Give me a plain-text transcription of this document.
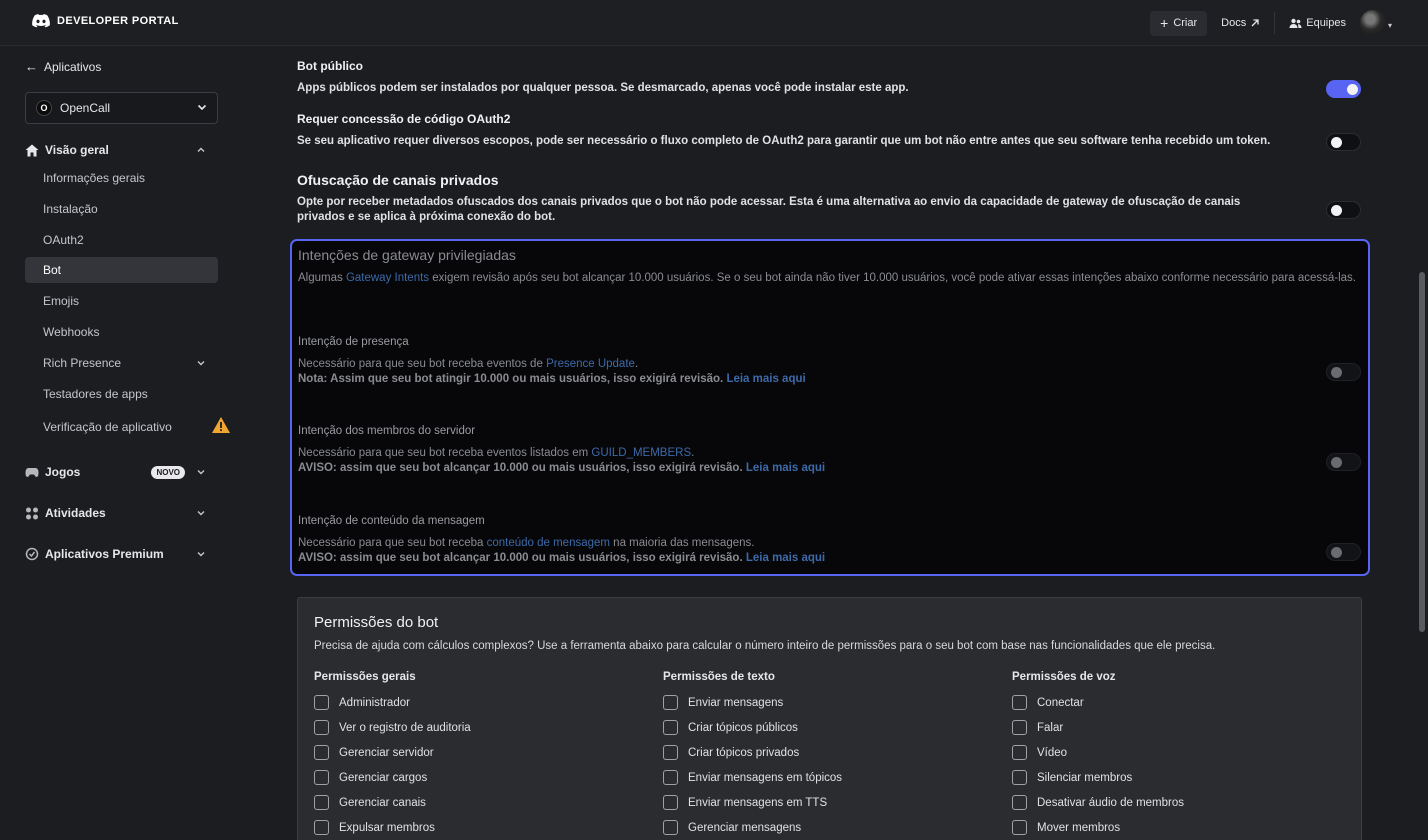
DEVELOPER PORTAL	+ Criar Docs	Equipes	▾
← Aplicativos
O	OpenCall
Visão geral
Informações gerais
Instalação
OAuth2
Bot
Emojis
Webhooks
Rich Presence
Testadores de apps
Verificação de aplicativo
Jogos	NOVO
Atividades
Aplicativos Premium
Bot público
Apps públicos podem ser instalados por qualquer pessoa. Se desmarcado, apenas você pode instalar este app.
Requer concessão de código OAuth2
Se seu aplicativo requer diversos escopos, pode ser necessário o fluxo completo de OAuth2 para garantir que um bot não entre antes que seu software tenha recebido um token.
Ofuscação de canais privados
Opte por receber metadados ofuscados dos canais privados que o bot não pode acessar. Esta é uma alternativa ao envio da capacidade de gateway de ofuscação de canais privados e se aplica à próxima conexão do bot.
Intenções de gateway privilegiadas
Algumas Gateway Intents exigem revisão após seu bot alcançar 10.000 usuários. Se o seu bot ainda não tiver 10.000 usuários, você pode ativar essas intenções abaixo conforme necessário para acessá-las.
Intenção de presença
Necessário para que seu bot receba eventos de Presence Update.
Nota: Assim que seu bot atingir 10.000 ou mais usuários, isso exigirá revisão. Leia mais aqui
Intenção dos membros do servidor
Necessário para que seu bot receba eventos listados em GUILD_MEMBERS.
AVISO: assim que seu bot alcançar 10.000 ou mais usuários, isso exigirá revisão. Leia mais aqui
Intenção de conteúdo da mensagem
Necessário para que seu bot receba conteúdo de mensagem na maioria das mensagens.
AVISO: assim que seu bot alcançar 10.000 ou mais usuários, isso exigirá revisão. Leia mais aqui
Permissões do bot
Precisa de ajuda com cálculos complexos? Use a ferramenta abaixo para calcular o número inteiro de permissões para o seu bot com base nas funcionalidades que ele precisa.
Permissões gerais
Administrador
Ver o registro de auditoria
Gerenciar servidor
Gerenciar cargos
Gerenciar canais
Expulsar membros
Permissões de texto
Enviar mensagens
Criar tópicos públicos
Criar tópicos privados
Enviar mensagens em tópicos
Enviar mensagens em TTS
Gerenciar mensagens
Permissões de voz
Conectar
Falar
Vídeo
Silenciar membros
Desativar áudio de membros
Mover membros
